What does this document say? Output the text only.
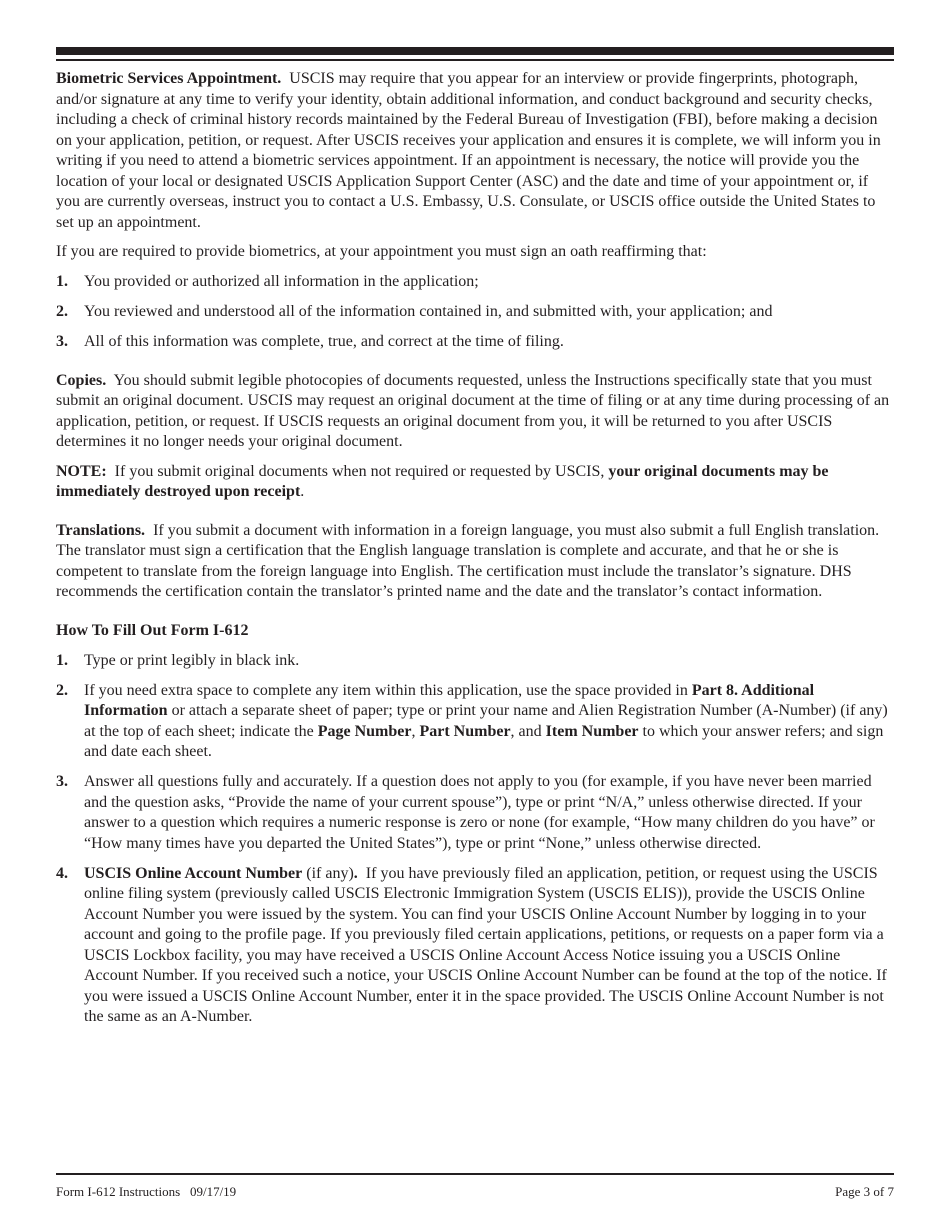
Biometric Services Appointment. USCIS may require that you appear for an interview or provide fingerprints, photograph, and/or signature at any time to verify your identity, obtain additional information, and conduct background and security checks, including a check of criminal history records maintained by the Federal Bureau of Investigation (FBI), before making a decision on your application, petition, or request. After USCIS receives your application and ensures it is complete, we will inform you in writing if you need to attend a biometric services appointment. If an appointment is necessary, the notice will provide you the location of your local or designated USCIS Application Support Center (ASC) and the date and time of your appointment or, if you are currently overseas, instruct you to contact a U.S. Embassy, U.S. Consulate, or USCIS office outside the United States to set up an appointment.

If you are required to provide biometrics, at your appointment you must sign an oath reaffirming that:

1.	You provided or authorized all information in the application;
2.	You reviewed and understood all of the information contained in, and submitted with, your application; and
3.	All of this information was complete, true, and correct at the time of filing.

Copies. You should submit legible photocopies of documents requested, unless the Instructions specifically state that you must submit an original document. USCIS may request an original document at the time of filing or at any time during processing of an application, petition, or request. If USCIS requests an original document from you, it will be returned to you after USCIS determines it no longer needs your original document.

NOTE: If you submit original documents when not required or requested by USCIS, your original documents may be immediately destroyed upon receipt.

Translations. If you submit a document with information in a foreign language, you must also submit a full English translation. The translator must sign a certification that the English language translation is complete and accurate, and that he or she is competent to translate from the foreign language into English. The certification must include the translator’s signature. DHS recommends the certification contain the translator’s printed name and the date and the translator’s contact information.

How To Fill Out Form I-612

1.	Type or print legibly in black ink.
2.	If you need extra space to complete any item within this application, use the space provided in Part 8. Additional Information or attach a separate sheet of paper; type or print your name and Alien Registration Number (A-Number) (if any) at the top of each sheet; indicate the Page Number, Part Number, and Item Number to which your answer refers; and sign and date each sheet.
3.	Answer all questions fully and accurately. If a question does not apply to you (for example, if you have never been married and the question asks, “Provide the name of your current spouse”), type or print “N/A,” unless otherwise directed. If your answer to a question which requires a numeric response is zero or none (for example, “How many children do you have” or “How many times have you departed the United States”), type or print “None,” unless otherwise directed.
4.	USCIS Online Account Number (if any). If you have previously filed an application, petition, or request using the USCIS online filing system (previously called USCIS Electronic Immigration System (USCIS ELIS)), provide the USCIS Online Account Number you were issued by the system. You can find your USCIS Online Account Number by logging in to your account and going to the profile page. If you previously filed certain applications, petitions, or requests on a paper form via a USCIS Lockbox facility, you may have received a USCIS Online Account Access Notice issuing you a USCIS Online Account Number. If you received such a notice, your USCIS Online Account Number can be found at the top of the notice. If you were issued a USCIS Online Account Number, enter it in the space provided. The USCIS Online Account Number is not the same as an A-Number.
Form I-612 Instructions   09/17/19	Page 3 of 7
